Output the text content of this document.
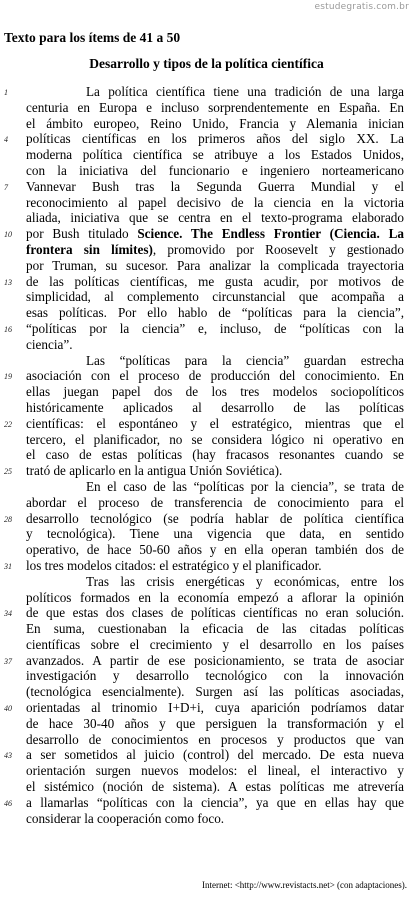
estudegratis.com.br
Texto para los ítems de 41 a 50
Desarrollo y tipos de la política científica
1	La política científica tiene una tradición de una larga
centuria en Europa e incluso sorprendentemente en España. En
el ámbito europeo, Reino Unido, Francia y Alemania inician
4	políticas científicas en los primeros años del siglo XX. La
moderna política científica se atribuye a los Estados Unidos,
con la iniciativa del funcionario e ingeniero norteamericano
7	Vannevar Bush tras la Segunda Guerra Mundial y el
reconocimiento al papel decisivo de la ciencia en la victoria
aliada, iniciativa que se centra en el texto-programa elaborado
10	por Bush titulado Science. The Endless Frontier (Ciencia. La
frontera sin límites), promovido por Roosevelt y gestionado
por Truman, su sucesor. Para analizar la complicada trayectoria
13	de las políticas científicas, me gusta acudir, por motivos de
simplicidad, al complemento circunstancial que acompaña a
esas políticas. Por ello hablo de “políticas para la ciencia”,
16	“políticas por la ciencia” e, incluso, de “políticas con la
ciencia”.
Las “políticas para la ciencia” guardan estrecha
19	asociación con el proceso de producción del conocimiento. En
ellas juegan papel dos de los tres modelos sociopolíticos
históricamente aplicados al desarrollo de las políticas
22	científicas: el espontáneo y el estratégico, mientras que el
tercero, el planificador, no se considera lógico ni operativo en
el caso de estas políticas (hay fracasos resonantes cuando se
25	trató de aplicarlo en la antigua Unión Soviética).
En el caso de las “políticas por la ciencia”, se trata de
abordar el proceso de transferencia de conocimiento para el
28	desarrollo tecnológico (se podría hablar de política científica
y tecnológica). Tiene una vigencia que data, en sentido
operativo, de hace 50-60 años y en ella operan también dos de
31	los tres modelos citados: el estratégico y el planificador.
Tras las crisis energéticas y económicas, entre los
políticos formados en la economía empezó a aflorar la opinión
34	de que estas dos clases de políticas científicas no eran solución.
En suma, cuestionaban la eficacia de las citadas políticas
científicas sobre el crecimiento y el desarrollo en los países
37	avanzados. A partir de ese posicionamiento, se trata de asociar
investigación y desarrollo tecnológico con la innovación
(tecnológica esencialmente). Surgen así las políticas asociadas,
40	orientadas al trinomio I+D+i, cuya aparición podríamos datar
de hace 30-40 años y que persiguen la transformación y el
desarrollo de conocimientos en procesos y productos que van
43	a ser sometidos al juicio (control) del mercado. De esta nueva
orientación surgen nuevos modelos: el lineal, el interactivo y
el sistémico (noción de sistema). A estas políticas me atrevería
46	a llamarlas “políticas con la ciencia”, ya que en ellas hay que
considerar la cooperación como foco.
Internet: <http://www.revistacts.net> (con adaptaciones).
